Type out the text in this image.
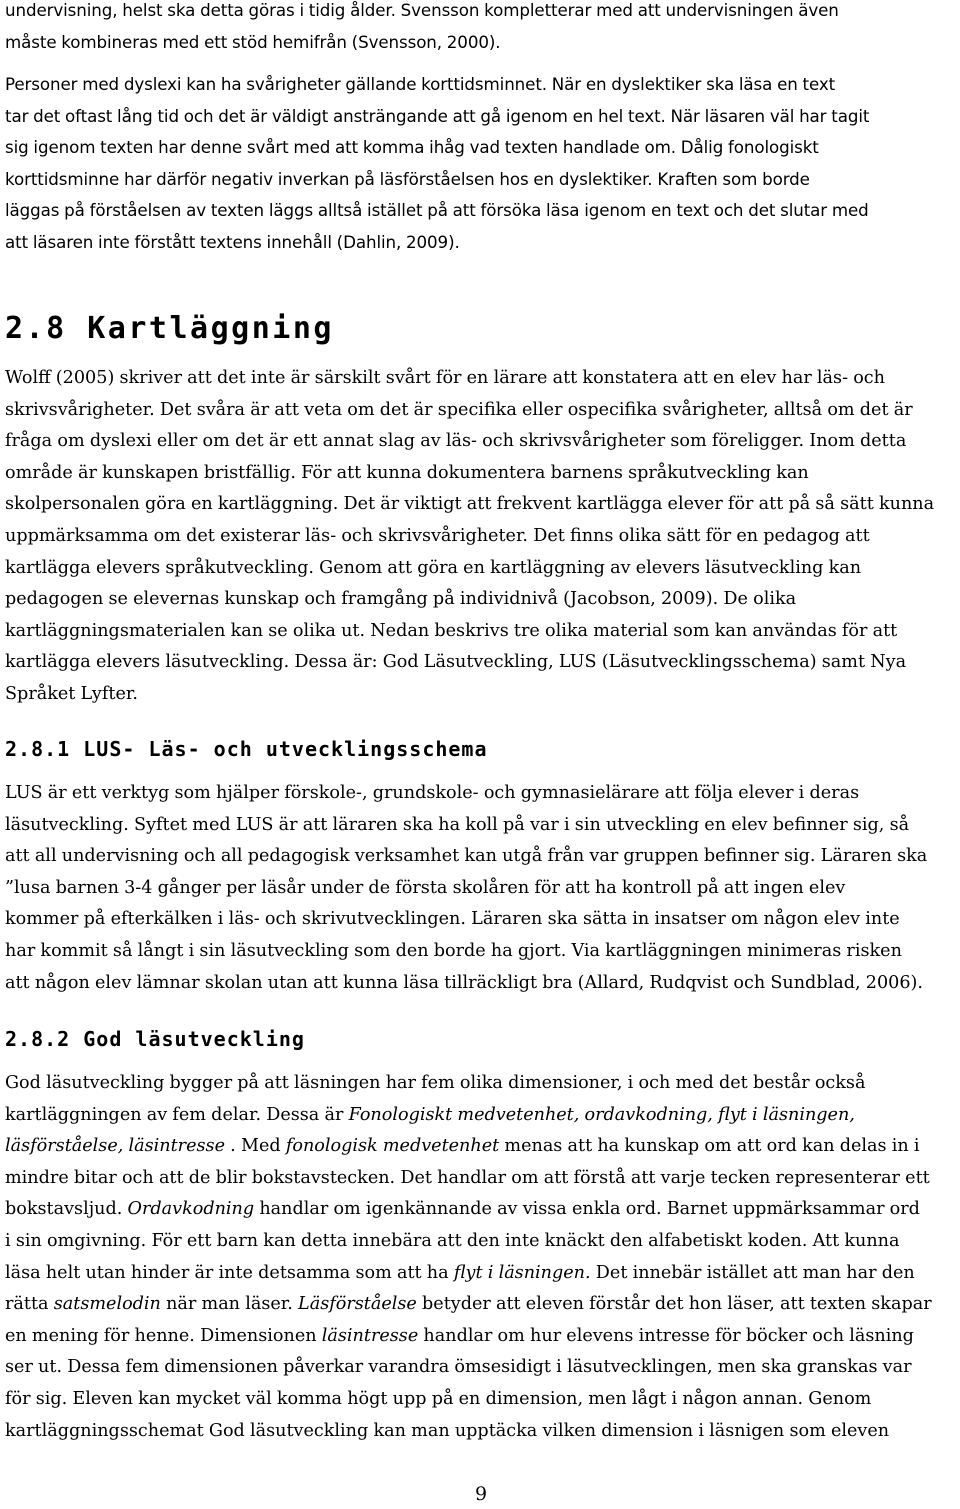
undervisning, helst ska detta göras i tidig ålder. Svensson kompletterar med att undervisningen även
måste kombineras med ett stöd hemifrån (Svensson, 2000).

Personer med dyslexi kan ha svårigheter gällande korttidsminnet. När en dyslektiker ska läsa en text
tar det oftast lång tid och det är väldigt ansträngande att gå igenom en hel text. När läsaren väl har tagit
sig igenom texten har denne svårt med att komma ihåg vad texten handlade om. Dålig fonologiskt
korttidsminne har därför negativ inverkan på läsförståelsen hos en dyslektiker. Kraften som borde
läggas på förståelsen av texten läggs alltså istället på att försöka läsa igenom en text och det slutar med
att läsaren inte förstått textens innehåll (Dahlin, 2009).

2.8 Kartläggning

Wolff (2005) skriver att det inte är särskilt svårt för en lärare att konstatera att en elev har läs- och
skrivsvårigheter. Det svåra är att veta om det är specifika eller ospecifika svårigheter, alltså om det är
fråga om dyslexi eller om det är ett annat slag av läs- och skrivsvårigheter som föreligger. Inom detta
område är kunskapen bristfällig. För att kunna dokumentera barnens språkutveckling kan
skolpersonalen göra en kartläggning. Det är viktigt att frekvent kartlägga elever för att på så sätt kunna
uppmärksamma om det existerar läs- och skrivsvårigheter. Det finns olika sätt för en pedagog att
kartlägga elevers språkutveckling. Genom att göra en kartläggning av elevers läsutveckling kan
pedagogen se elevernas kunskap och framgång på individnivå (Jacobson, 2009). De olika
kartläggningsmaterialen kan se olika ut. Nedan beskrivs tre olika material som kan användas för att
kartlägga elevers läsutveckling. Dessa är: God Läsutveckling, LUS (Läsutvecklingsschema) samt Nya
Språket Lyfter.

2.8.1 LUS- Läs- och utvecklingsschema

LUS är ett verktyg som hjälper förskole-, grundskole- och gymnasielärare att följa elever i deras
läsutveckling. Syftet med LUS är att läraren ska ha koll på var i sin utveckling en elev befinner sig, så
att all undervisning och all pedagogisk verksamhet kan utgå från var gruppen befinner sig. Läraren ska
”lusa barnen 3-4 gånger per läsår under de första skolåren för att ha kontroll på att ingen elev
kommer på efterkälken i läs- och skrivutvecklingen. Läraren ska sätta in insatser om någon elev inte
har kommit så långt i sin läsutveckling som den borde ha gjort. Via kartläggningen minimeras risken
att någon elev lämnar skolan utan att kunna läsa tillräckligt bra (Allard, Rudqvist och Sundblad, 2006).

2.8.2 God läsutveckling

God läsutveckling bygger på att läsningen har fem olika dimensioner, i och med det består också
kartläggningen av fem delar. Dessa är Fonologiskt medvetenhet, ordavkodning, flyt i läsningen,
läsförståelse, läsintresse . Med fonologisk medvetenhet menas att ha kunskap om att ord kan delas in i
mindre bitar och att de blir bokstavstecken. Det handlar om att förstå att varje tecken representerar ett
bokstavsljud. Ordavkodning handlar om igenkännande av vissa enkla ord. Barnet uppmärksammar ord
i sin omgivning. För ett barn kan detta innebära att den inte knäckt den alfabetiskt koden. Att kunna
läsa helt utan hinder är inte detsamma som att ha flyt i läsningen. Det innebär istället att man har den
rätta satsmelodin när man läser. Läsförståelse betyder att eleven förstår det hon läser, att texten skapar
en mening för henne. Dimensionen läsintresse handlar om hur elevens intresse för böcker och läsning
ser ut. Dessa fem dimensionen påverkar varandra ömsesidigt i läsutvecklingen, men ska granskas var
för sig. Eleven kan mycket väl komma högt upp på en dimension, men lågt i någon annan. Genom
kartläggningsschemat God läsutveckling kan man upptäcka vilken dimension i läsnigen som eleven

9
